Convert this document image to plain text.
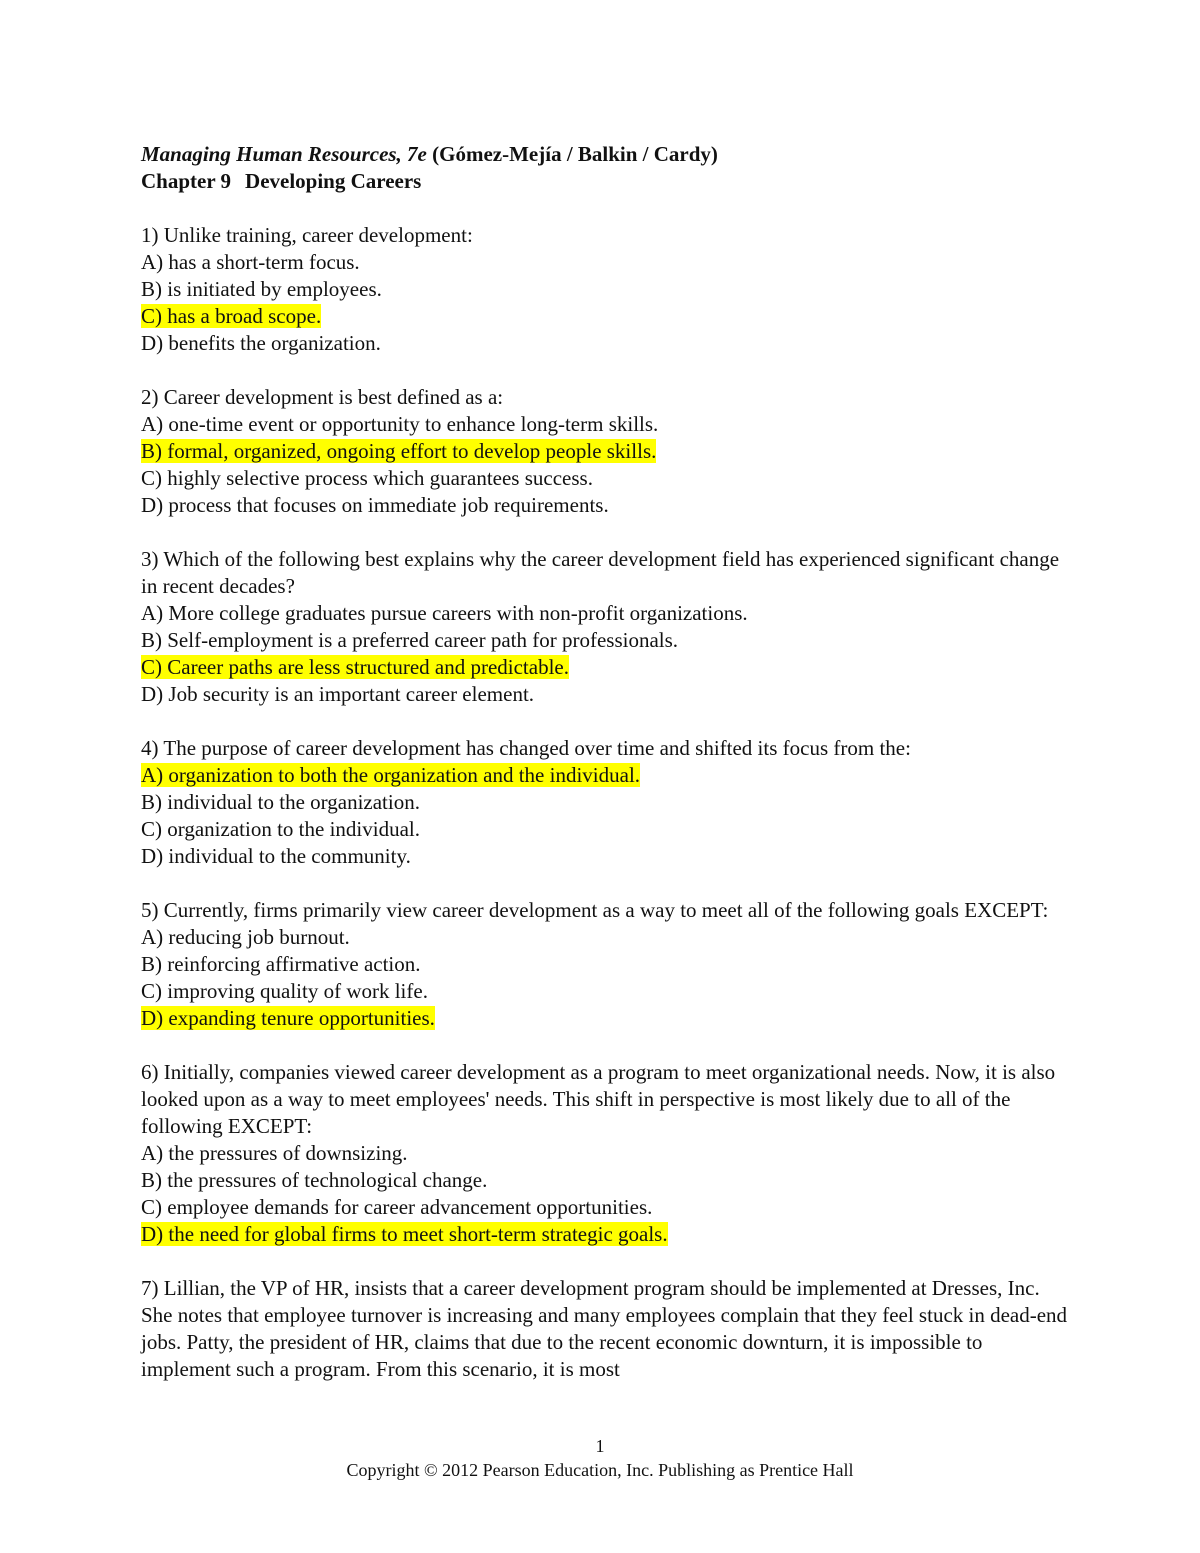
Managing Human Resources, 7e (Gómez-Mejía / Balkin / Cardy)
Chapter 9 Developing Careers
1) Unlike training, career development:
A) has a short-term focus.
B) is initiated by employees.
C) has a broad scope.
D) benefits the organization.
2) Career development is best defined as a:
A) one-time event or opportunity to enhance long-term skills.
B) formal, organized, ongoing effort to develop people skills.
C) highly selective process which guarantees success.
D) process that focuses on immediate job requirements.
3) Which of the following best explains why the career development field has experienced significant change in recent decades?
A) More college graduates pursue careers with non-profit organizations.
B) Self-employment is a preferred career path for professionals.
C) Career paths are less structured and predictable.
D) Job security is an important career element.
4) The purpose of career development has changed over time and shifted its focus from the:
A) organization to both the organization and the individual.
B) individual to the organization.
C) organization to the individual.
D) individual to the community.
5) Currently, firms primarily view career development as a way to meet all of the following goals EXCEPT:
A) reducing job burnout.
B) reinforcing affirmative action.
C) improving quality of work life.
D) expanding tenure opportunities.
6) Initially, companies viewed career development as a program to meet organizational needs. Now, it is also looked upon as a way to meet employees' needs. This shift in perspective is most likely due to all of the following EXCEPT:
A) the pressures of downsizing.
B) the pressures of technological change.
C) employee demands for career advancement opportunities.
D) the need for global firms to meet short-term strategic goals.
7) Lillian, the VP of HR, insists that a career development program should be implemented at Dresses, Inc. She notes that employee turnover is increasing and many employees complain that they feel stuck in dead-end jobs. Patty, the president of HR, claims that due to the recent economic downturn, it is impossible to implement such a program. From this scenario, it is most
1
Copyright © 2012 Pearson Education, Inc. Publishing as Prentice Hall
